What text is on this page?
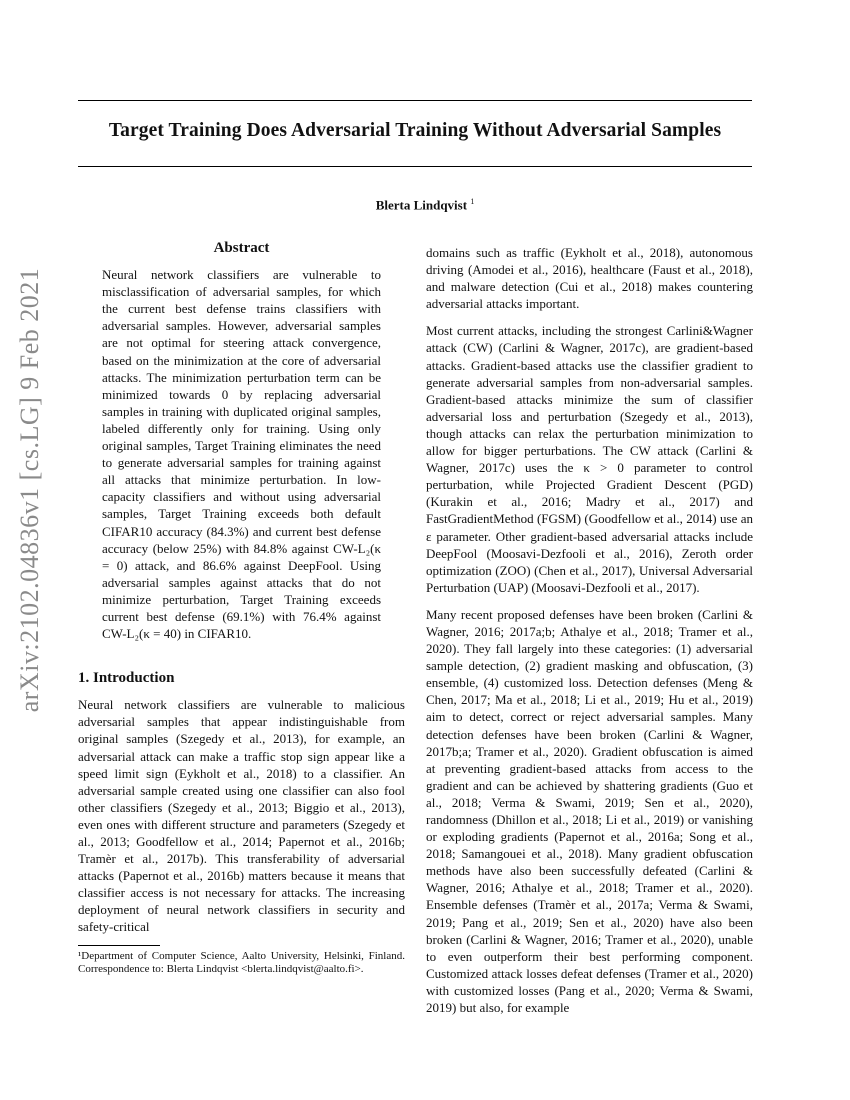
Target Training Does Adversarial Training Without Adversarial Samples
Blerta Lindqvist $^1$
arXiv:2102.04836v1 [cs.LG] 9 Feb 2021
Abstract

Neural network classifiers are vulnerable to misclassification of adversarial samples, for which the current best defense trains classifiers with adversarial samples. However, adversarial samples are not optimal for steering attack convergence, based on the minimization at the core of adversarial attacks. The minimization perturbation term can be minimized towards 0 by replacing adversarial samples in training with duplicated original samples, labeled differently only for training. Using only original samples, Target Training eliminates the need to generate adversarial samples for training against all attacks that minimize perturbation. In low-capacity classifiers and without using adversarial samples, Target Training exceeds both default CIFAR10 accuracy (84.3%) and current best defense accuracy (below 25%) with 84.8% against CW-L₂(κ = 0) attack, and 86.6% against DeepFool. Using adversarial samples against attacks that do not minimize perturbation, Target Training exceeds current best defense (69.1%) with 76.4% against CW-L₂(κ = 40) in CIFAR10.

1. Introduction

Neural network classifiers are vulnerable to malicious adversarial samples that appear indistinguishable from original samples (Szegedy et al., 2013), for example, an adversarial attack can make a traffic stop sign appear like a speed limit sign (Eykholt et al., 2018) to a classifier. An adversarial sample created using one classifier can also fool other classifiers (Szegedy et al., 2013; Biggio et al., 2013), even ones with different structure and parameters (Szegedy et al., 2013; Goodfellow et al., 2014; Papernot et al., 2016b; Tramèr et al., 2017b). This transferability of adversarial attacks (Papernot et al., 2016b) matters because it means that classifier access is not necessary for attacks. The increasing deployment of neural network classifiers in security and safety-critical

¹Department of Computer Science, Aalto University, Helsinki, Finland. Correspondence to: Blerta Lindqvist <blerta.lindqvist@aalto.fi>.

domains such as traffic (Eykholt et al., 2018), autonomous driving (Amodei et al., 2016), healthcare (Faust et al., 2018), and malware detection (Cui et al., 2018) makes countering adversarial attacks important.

Most current attacks, including the strongest Carlini&Wagner attack (CW) (Carlini & Wagner, 2017c), are gradient-based attacks. Gradient-based attacks use the classifier gradient to generate adversarial samples from non-adversarial samples. Gradient-based attacks minimize the sum of classifier adversarial loss and perturbation (Szegedy et al., 2013), though attacks can relax the perturbation minimization to allow for bigger perturbations. The CW attack (Carlini & Wagner, 2017c) uses the κ > 0 parameter to control perturbation, while Projected Gradient Descent (PGD) (Kurakin et al., 2016; Madry et al., 2017) and FastGradientMethod (FGSM) (Goodfellow et al., 2014) use an ε parameter. Other gradient-based adversarial attacks include DeepFool (Moosavi-Dezfooli et al., 2016), Zeroth order optimization (ZOO) (Chen et al., 2017), Universal Adversarial Perturbation (UAP) (Moosavi-Dezfooli et al., 2017).

Many recent proposed defenses have been broken (Carlini & Wagner, 2016; 2017a;b; Athalye et al., 2018; Tramer et al., 2020). They fall largely into these categories: (1) adversarial sample detection, (2) gradient masking and obfuscation, (3) ensemble, (4) customized loss. Detection defenses (Meng & Chen, 2017; Ma et al., 2018; Li et al., 2019; Hu et al., 2019) aim to detect, correct or reject adversarial samples. Many detection defenses have been broken (Carlini & Wagner, 2017b;a; Tramer et al., 2020). Gradient obfuscation is aimed at preventing gradient-based attacks from access to the gradient and can be achieved by shattering gradients (Guo et al., 2018; Verma & Swami, 2019; Sen et al., 2020), randomness (Dhillon et al., 2018; Li et al., 2019) or vanishing or exploding gradients (Papernot et al., 2016a; Song et al., 2018; Samangouei et al., 2018). Many gradient obfuscation methods have also been successfully defeated (Carlini & Wagner, 2016; Athalye et al., 2018; Tramer et al., 2020). Ensemble defenses (Tramèr et al., 2017a; Verma & Swami, 2019; Pang et al., 2019; Sen et al., 2020) have also been broken (Carlini & Wagner, 2016; Tramer et al., 2020), unable to even outperform their best performing component. Customized attack losses defeat defenses (Tramer et al., 2020) with customized losses (Pang et al., 2020; Verma & Swami, 2019) but also, for example
